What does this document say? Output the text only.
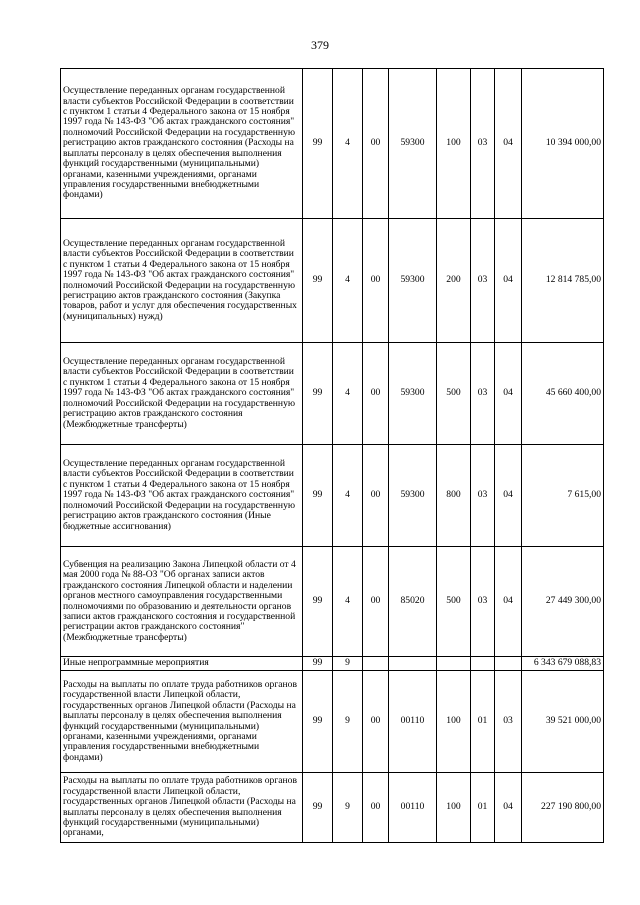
379
Осуществление переданных органам государственной власти субъектов Российской Федерации в соответствии с пунктом 1 статьи 4 Федерального закона от 15 ноября 1997 года № 143-ФЗ "Об актах гражданского состояния" полномочий Российской Федерации на государственную регистрацию актов гражданского состояния (Расходы на выплаты персоналу в целях обеспечения выполнения функций государственными (муниципальными) органами, казенными учреждениями, органами управления государственными внебюджетными фондами)	99	4	00	59300	100	03	04	10 394 000,00
Осуществление переданных органам государственной власти субъектов Российской Федерации в соответствии с пунктом 1 статьи 4 Федерального закона от 15 ноября 1997 года № 143-ФЗ "Об актах гражданского состояния" полномочий Российской Федерации на государственную регистрацию актов гражданского состояния (Закупка товаров, работ и услуг для обеспечения государственных (муниципальных) нужд)	99	4	00	59300	200	03	04	12 814 785,00
Осуществление переданных органам государственной власти субъектов Российской Федерации в соответствии с пунктом 1 статьи 4 Федерального закона от 15 ноября 1997 года № 143-ФЗ "Об актах гражданского состояния" полномочий Российской Федерации на государственную регистрацию актов гражданского состояния (Межбюджетные трансферты)	99	4	00	59300	500	03	04	45 660 400,00
Осуществление переданных органам государственной власти субъектов Российской Федерации в соответствии с пунктом 1 статьи 4 Федерального закона от 15 ноября 1997 года № 143-ФЗ "Об актах гражданского состояния" полномочий Российской Федерации на государственную регистрацию актов гражданского состояния (Иные бюджетные ассигнования)	99	4	00	59300	800	03	04	7 615,00
Субвенция на реализацию Закона Липецкой области от 4 мая 2000 года № 88-ОЗ "Об органах записи актов гражданского состояния Липецкой области и наделении органов местного самоуправления государственными полномочиями по образованию и деятельности органов записи актов гражданского состояния и государственной регистрации актов гражданского состояния" (Межбюджетные трансферты)	99	4	00	85020	500	03	04	27 449 300,00
Иные непрограммные мероприятия	99	9						6 343 679 088,83
Расходы на выплаты по оплате труда работников органов государственной власти Липецкой области, государственных органов Липецкой области (Расходы на выплаты персоналу в целях обеспечения выполнения функций государственными (муниципальными) органами, казенными учреждениями, органами управления государственными внебюджетными фондами)	99	9	00	00110	100	01	03	39 521 000,00
Расходы на выплаты по оплате труда работников органов государственной власти Липецкой области, государственных органов Липецкой области (Расходы на выплаты персоналу в целях обеспечения выполнения функций государственными (муниципальными) органами,	99	9	00	00110	100	01	04	227 190 800,00
